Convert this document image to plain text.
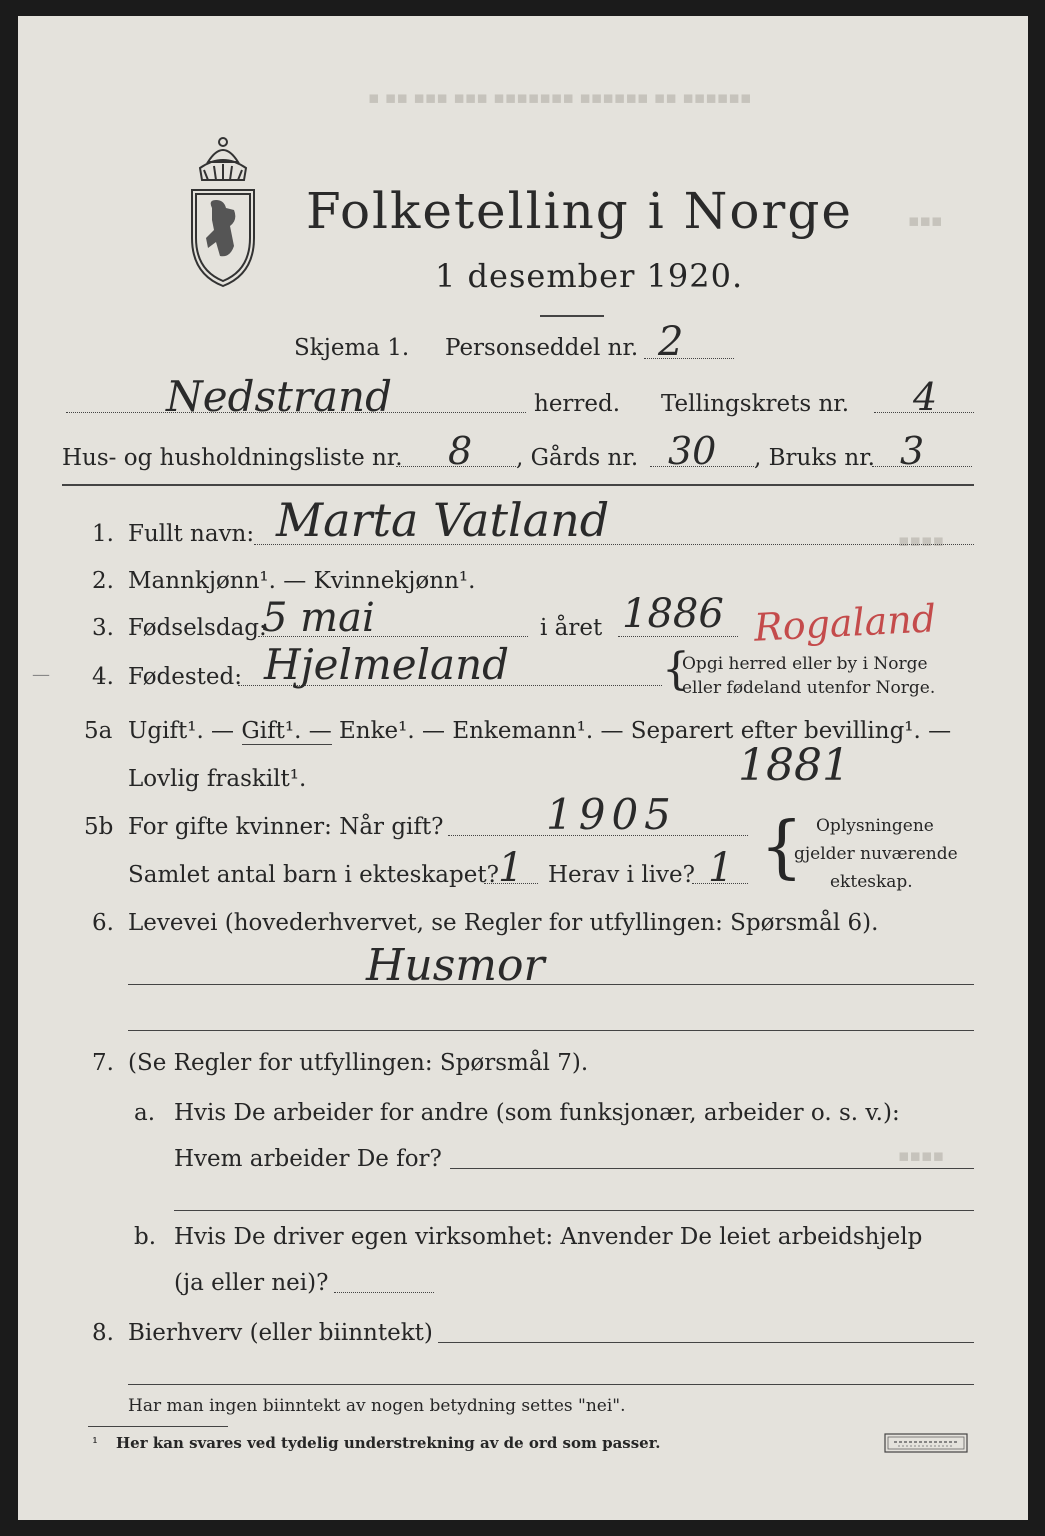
▪ ▪▪ ▪▪▪ ▪▪▪ ▪▪▪▪▪▪▪ ▪▪▪▪▪▪ ▪▪ ▪▪▪▪▪▪
▪▪▪
▪▪▪▪
▪▪▪▪
Folketelling i Norge
1 desember 1920.
Skjema 1. Personseddel nr. 2
Nedstrand	herred. Tellingskrets nr. 4
Hus- og husholdningsliste nr. 8 , Gårds nr. 30 , Bruks nr. 3
1. Fullt navn: Marta Vatland
2. Mannkjønn¹. — Kvinnekjønn¹.
3. Fødselsdag:
5 mai	i året 1886 Rogaland
4. Fødested: Hjelmeland	{
Opgi herred eller by i Norge
eller fødeland utenfor Norge.
—
5a Ugift¹. — Gift¹. — Enke¹. — Enkemann¹. — Separert efter bevilling¹. —
Lovlig fraskilt¹.	1881
5b For gifte kvinner: Når gift? 1905
Samlet antal barn i ekteskapet? 1 Herav i live? 1 { Oplysningene
gjelder nuværende
ekteskap.
6. Levevei (hovederhvervet, se Regler for utfyllingen: Spørsmål 6).
Husmor
7. (Se Regler for utfyllingen: Spørsmål 7).
a. Hvis De arbeider for andre (som funksjonær, arbeider o. s. v.):
Hvem arbeider De for?
b. Hvis De driver egen virksomhet: Anvender De leiet arbeidshjelp
(ja eller nei)?
8. Bierhverv (eller biinntekt)
Har man ingen biinntekt av nogen betydning settes "nei".
¹ Her kan svares ved tydelig understrekning av de ord som passer.
